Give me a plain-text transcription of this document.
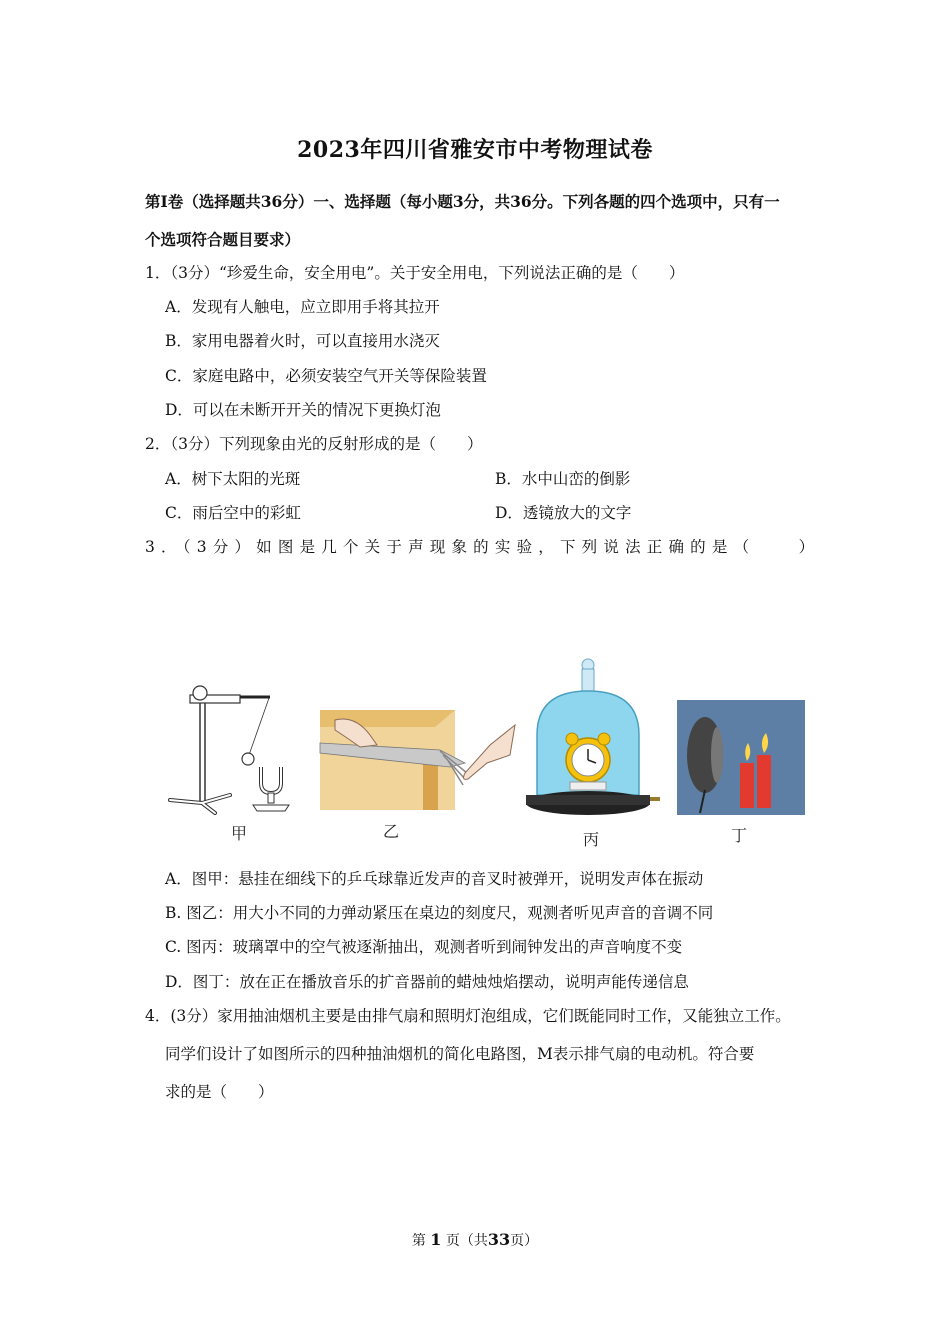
2023年四川省雅安市中考物理试卷
第Ⅰ卷（选择题共36分）一、选择题（每小题3分，共36分。下列各题的四个选项中，只有一
个选项符合题目要求）
1．（3分）“珍爱生命，安全用电”。关于安全用电，下列说法正确的是（　　）
A．发现有人触电，应立即用手将其拉开
B．家用电器着火时，可以直接用水浇灭
C．家庭电路中，必须安装空气开关等保险装置
D．可以在未断开开关的情况下更换灯泡
2．（3分）下列现象由光的反射形成的是（　　）
A．树下太阳的光斑	B．水中山峦的倒影
C．雨后空中的彩虹	D．透镜放大的文字
3．（3分）如图是几个关于声现象的实验，下列说法正确的是（　　）
甲	乙	丙	丁
A．图甲：悬挂在细线下的乒乓球靠近发声的音叉时被弹开，说明发声体在振动
B. 图乙：用大小不同的力弹动紧压在桌边的刻度尺，观测者听见声音的音调不同
C. 图丙：玻璃罩中的空气被逐渐抽出，观测者听到闹钟发出的声音响度不变
D．图丁：放在正在播放音乐的扩音器前的蜡烛烛焰摆动，说明声能传递信息
4．(3分）家用抽油烟机主要是由排气扇和照明灯泡组成，它们既能同时工作，又能独立工作。
同学们设计了如图所示的四种抽油烟机的简化电路图，M表示排气扇的电动机。符合要
求的是（　　）
第 1 页（共33页）
